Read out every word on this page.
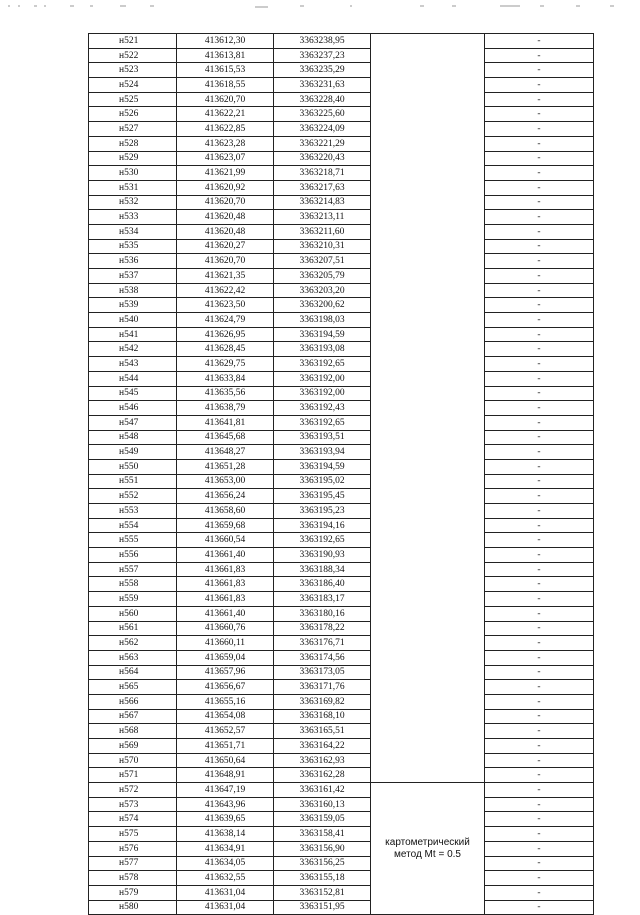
н521	413612,30	3363238,95		-
н522	413613,81	3363237,23		-
н523	413615,53	3363235,29		-
н524	413618,55	3363231,63		-
н525	413620,70	3363228,40		-
н526	413622,21	3363225,60		-
н527	413622,85	3363224,09		-
н528	413623,28	3363221,29		-
н529	413623,07	3363220,43		-
н530	413621,99	3363218,71		-
н531	413620,92	3363217,63		-
н532	413620,70	3363214,83		-
н533	413620,48	3363213,11		-
н534	413620,48	3363211,60		-
н535	413620,27	3363210,31		-
н536	413620,70	3363207,51		-
н537	413621,35	3363205,79		-
н538	413622,42	3363203,20		-
н539	413623,50	3363200,62		-
н540	413624,79	3363198,03		-
н541	413626,95	3363194,59		-
н542	413628,45	3363193,08		-
н543	413629,75	3363192,65		-
н544	413633,84	3363192,00		-
н545	413635,56	3363192,00		-
н546	413638,79	3363192,43		-
н547	413641,81	3363192,65		-
н548	413645,68	3363193,51		-
н549	413648,27	3363193,94		-
н550	413651,28	3363194,59		-
н551	413653,00	3363195,02		-
н552	413656,24	3363195,45		-
н553	413658,60	3363195,23		-
н554	413659,68	3363194,16		-
н555	413660,54	3363192,65		-
н556	413661,40	3363190,93		-
н557	413661,83	3363188,34		-
н558	413661,83	3363186,40		-
н559	413661,83	3363183,17		-
н560	413661,40	3363180,16		-
н561	413660,76	3363178,22		-
н562	413660,11	3363176,71		-
н563	413659,04	3363174,56		-
н564	413657,96	3363173,05		-
н565	413656,67	3363171,76		-
н566	413655,16	3363169,82		-
н567	413654,08	3363168,10		-
н568	413652,57	3363165,51		-
н569	413651,71	3363164,22		-
н570	413650,64	3363162,93		-
н571	413648,91	3363162,28		-
н572	413647,19	3363161,42	картометрический метод Mt = 0.5	-
н573	413643,96	3363160,13		-
н574	413639,65	3363159,05		-
н575	413638,14	3363158,41		-
н576	413634,91	3363156,90		-
н577	413634,05	3363156,25		-
н578	413632,55	3363155,18		-
н579	413631,04	3363152,81		-
н580	413631,04	3363151,95		-
